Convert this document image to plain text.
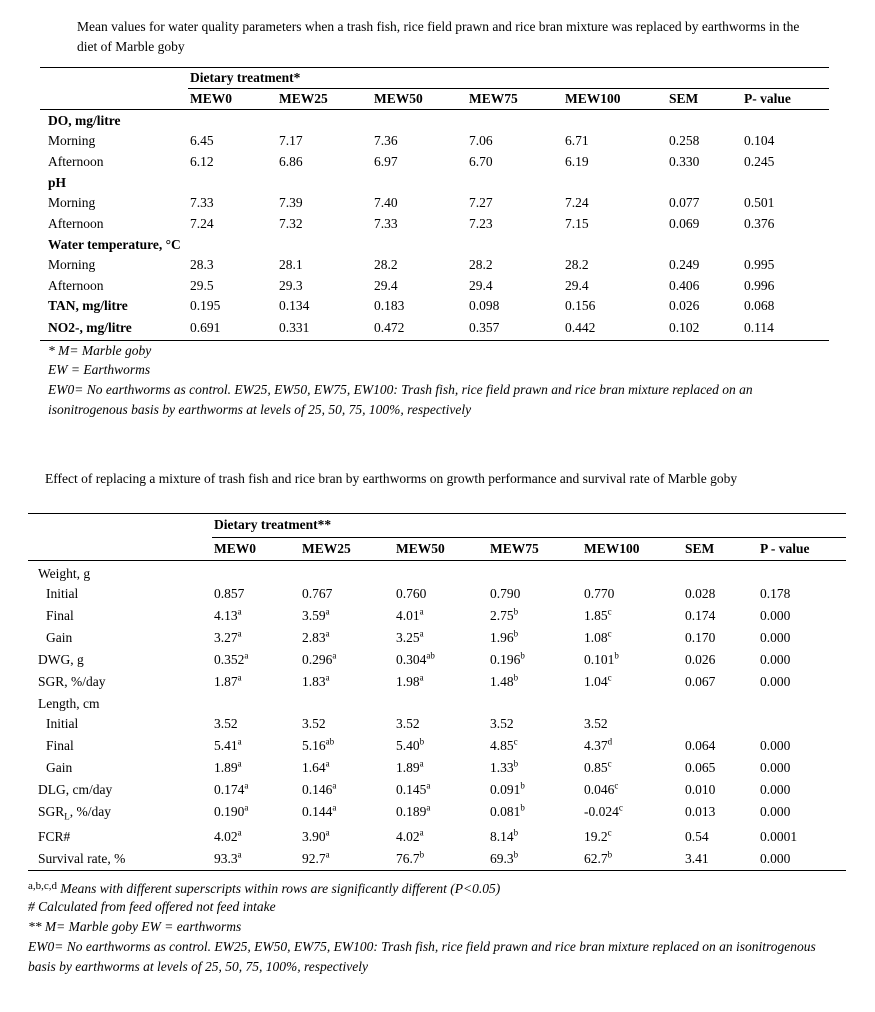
Mean values for water quality parameters when a trash fish, rice field prawn and rice bran mixture was replaced by earthworms in the diet of Marble goby
Dietary treatment*
MEW0	MEW25	MEW50	MEW75	MEW100	SEM	P- value
DO, mg/litre
Morning	6.45	7.17	7.36	7.06	6.71	0.258	0.104
Afternoon	6.12	6.86	6.97	6.70	6.19	0.330	0.245
pH
Morning	7.33	7.39	7.40	7.27	7.24	0.077	0.501
Afternoon	7.24	7.32	7.33	7.23	7.15	0.069	0.376
Water temperature, °C
Morning	28.3	28.1	28.2	28.2	28.2	0.249	0.995
Afternoon	29.5	29.3	29.4	29.4	29.4	0.406	0.996
TAN, mg/litre	0.195	0.134	0.183	0.098	0.156	0.026	0.068
NO2-, mg/litre	0.691	0.331	0.472	0.357	0.442	0.102	0.114
* M= Marble goby
EW = Earthworms
EW0= No earthworms as control. EW25, EW50, EW75, EW100: Trash fish, rice field prawn and rice bran mixture replaced on an isonitrogenous basis by earthworms at levels of 25, 50, 75, 100%, respectively
Effect of replacing a mixture of trash fish and rice bran by earthworms on growth performance and survival rate of Marble goby
Dietary treatment**
MEW0	MEW25	MEW50	MEW75	MEW100	SEM	P - value
Weight, g
Initial	0.857	0.767	0.760	0.790	0.770	0.028	0.178
Final	4.13$^a$	3.59$^a$	4.01$^a$	2.75$^b$	1.85$^c$	0.174	0.000
Gain	3.27$^a$	2.83$^a$	3.25$^a$	1.96$^b$	1.08$^c$	0.170	0.000
DWG, g	0.352$^a$	0.296$^a$	0.304$^{ab}$	0.196$^b$	0.101$^b$	0.026	0.000
SGR, %/day	1.87$^a$	1.83$^a$	1.98$^a$	1.48$^b$	1.04$^c$	0.067	0.000
Length, cm
Initial	3.52	3.52	3.52	3.52	3.52
Final	5.41$^a$	5.16$^{ab}$	5.40$^b$	4.85$^c$	4.37$^d$	0.064	0.000
Gain	1.89$^a$	1.64$^a$	1.89$^a$	1.33$^b$	0.85$^c$	0.065	0.000
DLG, cm/day	0.174$^a$	0.146$^a$	0.145$^a$	0.091$^b$	0.046$^c$	0.010	0.000
$SGR_L$, %/day	0.190$^a$	0.144$^a$	0.189$^a$	0.081$^b$	-0.024$^c$	0.013	0.000
FCR#	4.02$^a$	3.90$^a$	4.02$^a$	8.14$^b$	19.2$^c$	0.54	0.0001
Survival rate, %	93.3$^a$	92.7$^a$	76.7$^b$	69.3$^b$	62.7$^b$	3.41	0.000
$^{a,b,c,d}$ Means with different superscripts within rows are significantly different (P<0.05)
# Calculated from feed offered not feed intake
** M= Marble goby EW = earthworms
EW0= No earthworms as control. EW25, EW50, EW75, EW100: Trash fish, rice field prawn and rice bran mixture replaced on an isonitrogenous basis by earthworms at levels of 25, 50, 75, 100%, respectively
